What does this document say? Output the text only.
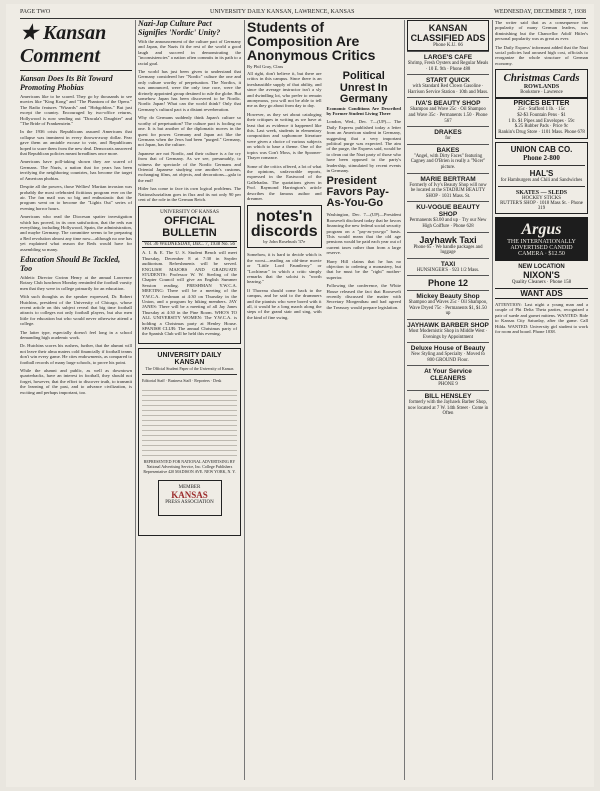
PAGE TWO	UNIVERSITY DAILY KANSAN, LAWRENCE, KANSAS	WEDNESDAY, DECEMBER 7, 1938
★ Kansan Comment
Kansan Does Its Bit Toward Promoting Phobias

Americans like to be scared. They go by thousands to see movies like "King Kong" and "The Phantom of the Opera." The Radio features "Wizards" and "Hobgoblins." But just except the country. Encouraged by two-office returns, Hollywood is now sending out "Dracula's Daughter" and "The Bride of Frankenstein."

In the 1936 crisis Republicans assured Americans that collapse was imminent in every thrown-away dollar. Fear gave them an amiable excuse to vote, and Republicans hoped to scare them from the new deal. Democrats answered that Republican policies meant breadlines once more.

Americans have poll-taking shown they are scared of Germans. The Nazis, a nation that for years has been terrifying the neighboring countries, has become the target of American phobias.

Despite all the powers, those Wellies! Martian invasion was probably the most celebrated fictitious program ever on the air. The fan mail was so big and enthusiastic that the program went on to become the "Lights Out" series of evening horror hours.

Americans who read the Diocesan spatter investigation which has proved, in its own satisfaction, that the reds run everything, including Hollywood, Spain, the administration, and maybe Germany. The committee seems to be preparing a Red revolution almost any time now—although no one has yet explained what reason the Reds would have for assembling so many.

Education Should Be Tackled, Too

Athletic Director Gwinn Henry at the annual Lawrence Rotary Club luncheon Monday reminded the football varsity men that they were in college primarily for an education.

With such thoughts as the speaker expressed, Dr. Robert Hutchins, president of the University of Chicago, whose recent article on this subject reveal that big time football attracts to colleges not only football players, but also men little for education but who would never otherwise attend a college.

The latter type, especially doesn't feel long in a school demanding high academic work.

Dr. Hutchins scores his rushers, further, that the alumni will not leave their alma maters cold financially if football teams don't win every game. He cites endowments, as compared to football records of many large schools, to prove his point.

While the alumni and public, as well as downtown quarterbacks, have an interest in football, they should not forget, however, that the effort to discover truth, to transmit the learning of the past, and to advance civilization, is exciting and perhaps important, too.

Nazi-Jap Culture Pact Signifies 'Nordic' Unity?

With the announcement of the culture pact of Germany and Japan, the Nazis fit the rest of the world a good laugh and succeed in demonstrating the "inconsistencies" a nation often commits in its path to a racial goal.

The world has just been given to understand that Germany considered her "Nordic" culture the one and only culture worthy of perpetuation. The Nordics, it was announced, were the only true race, were the divinely appointed group destined to rule the globe. But somehow Japan has been discovered to be Nordic. Nordic Japan! What can the world think? Only that Germany's cultural pact is a distant reverberation.

Why do Germans suddenly think Japan's culture so worthy of perpetuation? The culture pact is fooling no one. It is but another of the diplomatic moves in the quest for power. Germany and Japan act like the Germans when the Jews had been "purged." Germany, not Japan, has the culture.

Japanese are not Nordic, and their culture is a far cry from that of Germany. As we see, presumably, to witness the spectacle of the Nordic Germans and Oriental Japanese studying one another's customs, exchanging films, art objects, and decorations—gala to the end!

Hitler has come to face its own logical problems. The Nationalsozialism goes in flux and its not only 90 per cent of the role in the German Reich.

UNIVERSITY OF KANSAS
OFFICIAL BULLETIN
Vol. 36 WEDNESDAY, DEC. 7, 1938 No. 56

A. I. & E. The U. S. Student Bench will meet Thursday, December 8 at 7:30 in Snyder auditorium. Refreshments will be served. ENGLISH MAJORS AND GRADUATE STUDENTS: Professor W. W. Sterling of the Chapter Council will give an English Summer Session reading. FRESHMAN Y.W.C.A. MEETING: There will be a meeting of the Y.W.C.A. freshman at 4:30 on Thursday in the Union, and a program by hiking members. JAY JANES: There will be a meeting of all Jay Janes Thursday at 4:30 in the Pine Room. WHO'S TO ALL UNIVERSITY WOMEN: The Y.W.C.A. is holding a Christmas party at Henley House. SPANISH CLUB: The annual Christmas party of the Spanish Club will be held this evening.

UNIVERSITY DAILY KANSAN
The Official Student Paper of the University of Kansas
Editorial Staff · Business Staff · Reporters · Desk
REPRESENTED FOR NATIONAL ADVERTISING BY National Advertising Service, Inc. College Publishers Representative 420 MADISON AVE. NEW YORK, N. Y.
MEMBER
KANSAS
PRESS ASSOCIATION
Students of Composition Are Anonymous Critics
By Phil Gray, Class

All right, don't believe it, but there are critics in this campus. Since there is an inexhaustible supply of that ability, and since the average instructor isn't a sly and dwindling lot, who prefer to remain anonymous, you will not be able to tell me as they go about from day to day.

However, as they set about cataloging their critiques in writing as we have at least that as evidence it happened like this. Last week, students in elementary composition and sophomore literature were given a choice of various subjects on which to base a theme. One of the topics was Con't Moss, is the Spooner-Thayer romance.

Some of the critics offered, a lot of what the opinions, unfavorable reports, expressed in the Eastwood of the Gallehadas. The quotations given in Prof. Raymond Harrington's article describes the famous author and dreamer.

notes'n discords
by John Rosebush '37e

Somehow, it is hard to decide which is the worst—reading an old-time movie or "Little Lord Fauntleroy" or "Lochinvar" in which a critic simply remarks that the soloist is "worth hearing."

If Thoreau should come back to the campus, and he said to the drummers and the pianists who were bored with it all, it would be a long march along the steps of the grand stair and sing, with the kind of fine swing.

Political Unrest In Germany

Economic Conditions Are Described by Former Student Living There

London, Wed., Dec. 7—(UP)— The Daily Express published today a letter from an American student in Germany, suggesting that a very important political purge was expected. The aim of the purge, the Express said, would be to clean out the Nazi party of those who have been opposed to the party's leadership, stimulated by recent events in Germany.

President Favors Pay-As-You-Go

Washington, Dec. 7—(UP)—President Roosevelt disclosed today that he favors financing the new federal social security program on a "pay-as-you-go" basis. This would mean that the old age pensions would be paid each year out of current taxes rather than from a large reserve.

Harry Hill claims that he has no objection to ordering a monastery, but that he must be the "right" mother-superior.

Following the conference, the White House released the fact that Roosevelt recently discussed the matter with Secretary Morgenthau and had agreed the Treasury would prepare legislation.

KANSAN CLASSIFIED ADS
Phone K.U. 66
LARGE'S CAFE
Shrimp, Fresh Oysters and Regular Meals · 10 E. 9th · Phone 488
START QUICK
with Standard Red Crown Gasoline · Harrison Service Station · 10th and Mass.
IVA'S BEAUTY SHOP
Shampoo and Wave 25c · Oil Shampoo and Wave 35c · Permanents 1.50 · Phone 567
DRAKES
for
BAKES
"Angel, with Dirty Faces" featuring Cagney and O'Brien is really a "Nicer" picture.
MARIE BERTRAM
Formerly of Ivy's Beauty Shop will now be located at the STADIUM BEAUTY SHOP · 1031 Mass. St.
KU-VOGUE BEAUTY SHOP
Permanents $3.00 and up · Try our New High Coiffure · Phone 628
Jayhawk Taxi
Phone 65 · We handle packages and luggage
TAXI
HUNSINGER'S · 923 1/2 Mass.
Phone 12
Mickey Beauty Shop
Shampoo and Waves 25c · Oil Shampoo, Wave Dryed 75c · Permanents $1, $1.50 up
JAYHAWK BARBER SHOP
Most Modernistic Shop in Middle West · Evenings by Appointment
Deluxe House of Beauty
New Styling and Specialty · Moved to 800 GROUND Floor.
At Your Service CLEANERS
PHONE 9
BILL HENSLEY
formerly with the Jayhawk Barber Shop, now located at 7 W. 14th Street · Come in Often

The writer said that as a consequence the popularity of many German leaders, was diminishing but the Chancellor Adolf Hitler's personal popularity was as great as ever.

The Daily Express' informant added that the Nazi social policies had aroused high cost, officials to reorganize the whole structure of German economy.

Christmas Cards
ROWLANDS
Bookstore · Lawrence
PRICES BETTER
25c · Stafford 1 lb. · 15c
$2-$3 Fountain Pens · $1
1 lb. $1 Pipes and Envelopes · 59c
$.25 Rubber Pads · Price 9c
Rankin's Drug Store · 1101 Mass. Phone 678
UNION CAB CO.
Phone 2-800
HAL'S
for Hamburgers and Chili and Sandwiches
SKATES — SLEDS
HOCKEY STICKS
RUTTER'S SHOP · 1018 Mass St. · Phone 319
Argus
THE INTERNATIONALLY ADVERTISED CANDID CAMERA · $12.50
NEW LOCATION
NIXON'S
Quality Cleaners · Phone 158
WANT ADS

ATTENTION: Last night a young man and a couple of Phi Delta Theta parties, recognized a pair of suede and garnet mittens. WANTED: Ride to Kansas City Saturday, after the game. Call Hilda. WANTED: University girl student to work for room and board. Phone 1038.
